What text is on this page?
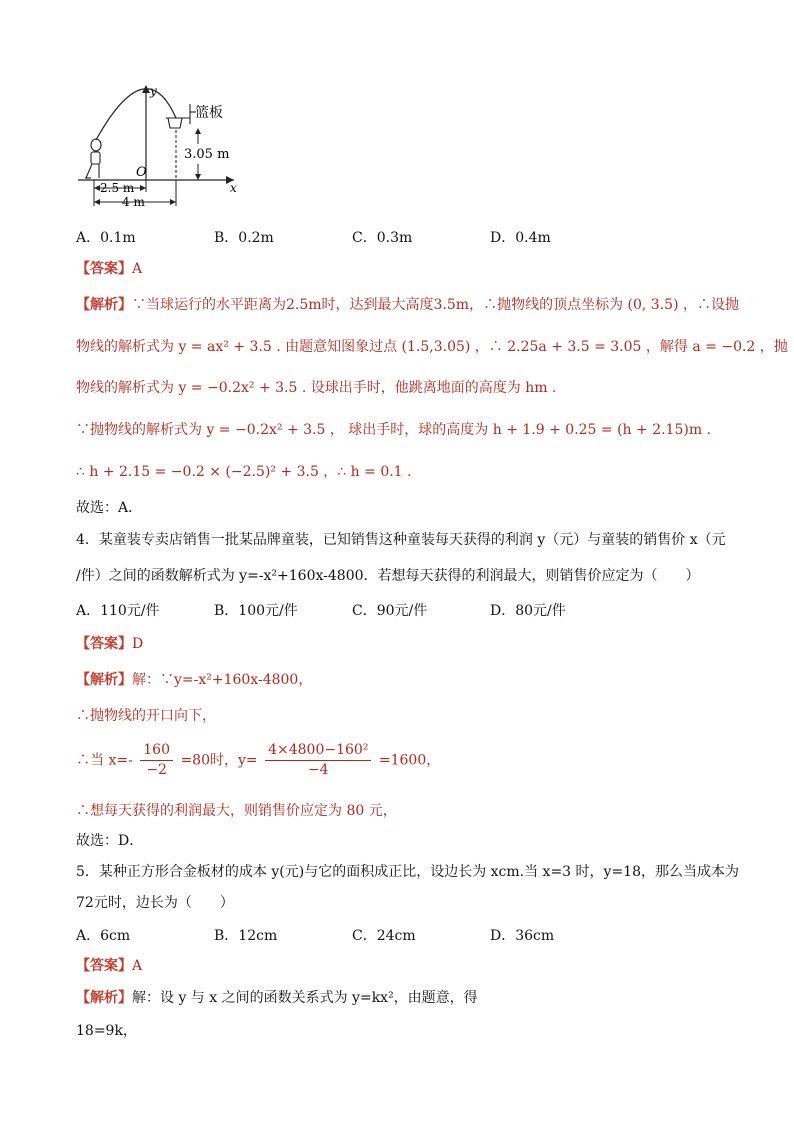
y
x
O
篮板
3.05 m
2.5 m
4 m
A．0.1m	B．0.2m	C．0.3m	D．0.4m
【答案】A
【解析】∵当球运行的水平距离为2.5m时，达到最大高度3.5m，∴抛物线的顶点坐标为 (0, 3.5) ，∴设抛
物线的解析式为 y = ax² + 3.5 . 由题意知图象过点 (1.5,3.05) ，∴ 2.25a + 3.5 = 3.05 ，解得 a = −0.2 ，抛
物线的解析式为 y = −0.2x² + 3.5 . 设球出手时，他跳离地面的高度为 hm .
∵抛物线的解析式为 y = −0.2x² + 3.5 ， 球出手时，球的高度为 h + 1.9 + 0.25 = (h + 2.15)m .
∴ h + 2.15 = −0.2 × (−2.5)² + 3.5 ，∴ h = 0.1 .
故选：A．
4．某童装专卖店销售一批某品牌童装，已知销售这种童装每天获得的利润 y（元）与童装的销售价 x（元
/件）之间的函数解析式为 y=-x²+160x-4800．若想每天获得的利润最大，则销售价应定为（　　）
A．110元/件	B．100元/件	C．90元/件	D．80元/件
【答案】D
【解析】解：∵y=-x²+160x-4800，
∴抛物线的开口向下，
∴当 $x=- \frac{160}{-2} =80$时，$y= \frac{\text{4×4800−160²}}{-4} =1600$，
∴想每天获得的利润最大，则销售价应定为 80 元，
故选：D．
5．某种正方形合金板材的成本 y(元)与它的面积成正比，设边长为 xcm.当 x=3 时，y=18，那么当成本为
72元时，边长为（　　）
A．6cm	B．12cm	C．24cm	D．36cm
【答案】A
【解析】解：设 y 与 x 之间的函数关系式为 y=kx²，由题意，得
18=9k，
